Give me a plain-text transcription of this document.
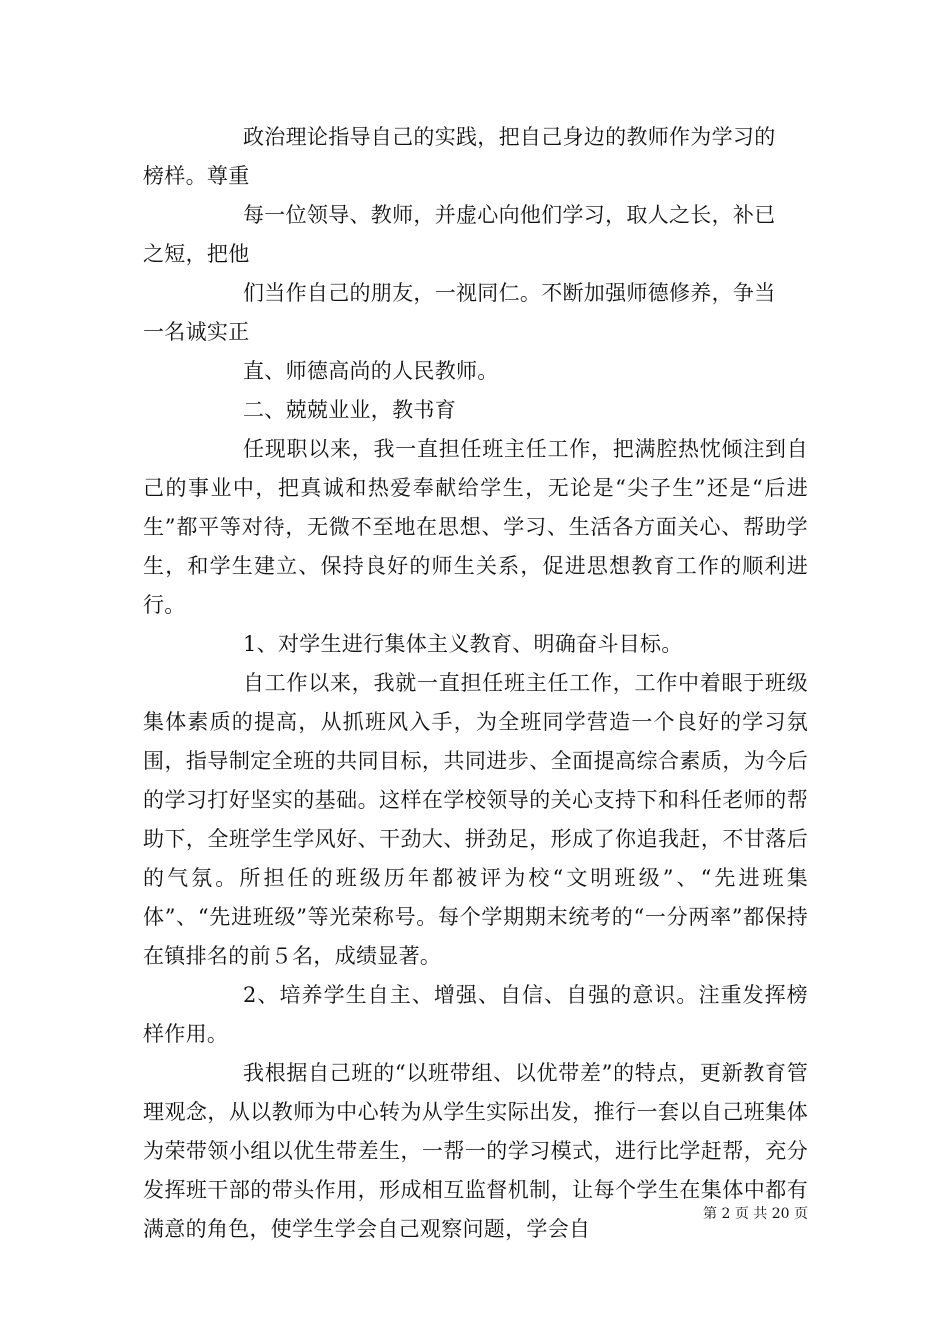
政治理论指导自己的实践，把自己身边的教师作为学习的

榜样。尊重

每一位领导、教师，并虚心向他们学习，取人之长，补已

之短，把他

们当作自己的朋友，一视同仁。不断加强师德修养，争当

一名诚实正

直、师德高尚的人民教师。

二、兢兢业业，教书育

任现职以来，我一直担任班主任工作，把满腔热忱倾注到自己的事业中，把真诚和热爱奉献给学生，无论是“尖子生”还是“后进生”都平等对待，无微不至地在思想、学习、生活各方面关心、帮助学生，和学生建立、保持良好的师生关系，促进思想教育工作的顺利进行。

1、对学生进行集体主义教育、明确奋斗目标。

自工作以来，我就一直担任班主任工作，工作中着眼于班级集体素质的提高，从抓班风入手，为全班同学营造一个良好的学习氛围，指导制定全班的共同目标，共同进步、全面提高综合素质，为今后的学习打好坚实的基础。这样在学校领导的关心支持下和科任老师的帮助下，全班学生学风好、干劲大、拼劲足，形成了你追我赶，不甘落后的气氛。所担任的班级历年都被评为校“文明班级”、“先进班集体”、“先进班级”等光荣称号。每个学期期末统考的“一分两率”都保持在镇排名的前５名，成绩显著。

2、培养学生自主、增强、自信、自强的意识。注重发挥榜样作用。

我根据自己班的“以班带组、以优带差”的特点，更新教育管理观念，从以教师为中心转为从学生实际出发，推行一套以自己班集体为荣带领小组以优生带差生，一帮一的学习模式，进行比学赶帮，充分发挥班干部的带头作用，形成相互监督机制，让每个学生在集体中都有满意的角色，使学生学会自己观察问题，学会自

第 2 页 共 20 页
